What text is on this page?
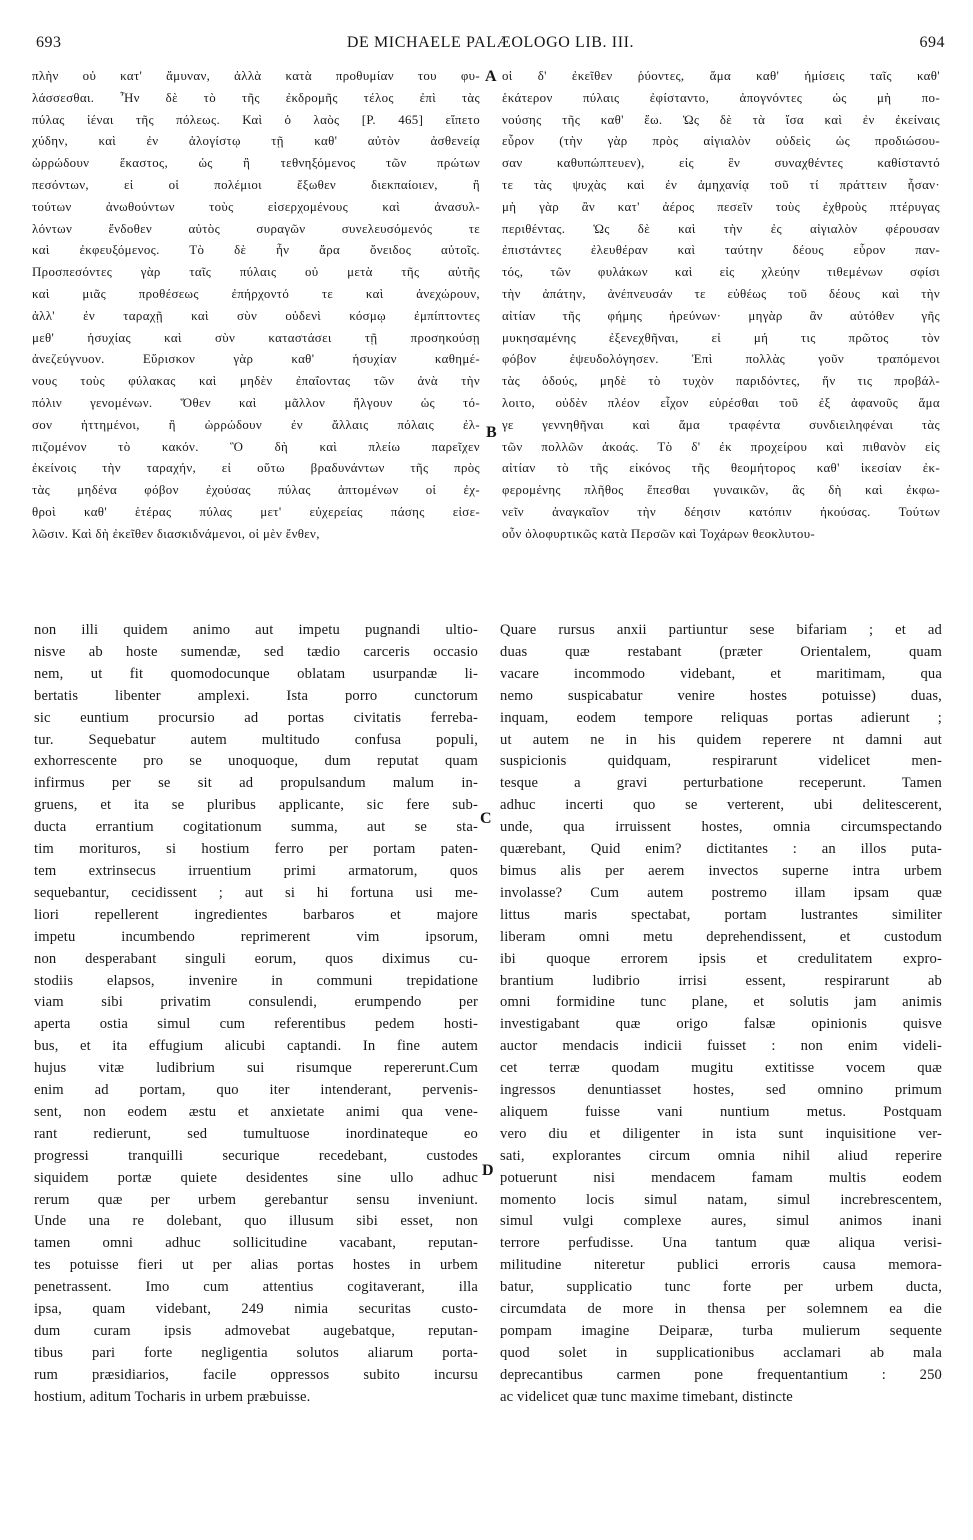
693	DE MICHAELE PALÆOLOGO LIB. III.	694
πλὴν οὐ κατ' ἄμυναν, ἀλλὰ κατὰ προθυμίαν του φυ-
λάσσεσθαι. Ἦν δὲ τὸ τῆς ἐκδρομῆς τέλος ἐπὶ τὰς
πύλας ἰέναι τῆς πόλεως. Καὶ ὁ λαὸς [P. 465] εἵπετο
χύδην, καὶ ἐν ἀλογίστῳ τῇ καθ' αὐτὸν ἀσθενείᾳ
ὠρρώδουν ἕκαστος, ὡς ἢ τεθνηξόμενος τῶν πρώτων
πεσόντων, εἰ οἱ πολέμιοι ἔξωθεν διεκπαίοιεν, ἢ
τούτων ἀνωθούντων τοὺς εἰσερχομένους καὶ ἀνασυλ-
λόντων ἔνδοθεν αὐτὸς συραγῶν συνελευσόμενός τε
καὶ ἐκφευξόμενος. Τὸ δὲ ἦν ἄρα ὄνειδος αὐτοῖς.
Προσπεσόντες γὰρ ταῖς πύλαις οὐ μετὰ τῆς αὐτῆς
καὶ μιᾶς προθέσεως ἐπήρχοντό τε καὶ ἀνεχώρουν,
ἀλλ' ἐν ταραχῇ καὶ σὺν οὐδενὶ κόσμῳ ἐμπίπτοντες
μεθ' ἡσυχίας καὶ σὺν καταστάσει τῇ προσηκούσῃ
ἀνεζεύγνυον. Εὕρισκον γὰρ καθ' ἡσυχίαν καθημέ-
νους τοὺς φύλακας καὶ μηδὲν ἐπαΐοντας τῶν ἀνὰ τὴν
πόλιν γενομένων. Ὅθεν καὶ μᾶλλον ἤλγουν ὡς τό-
σον ἡττημένοι, ἢ ὠρρώδουν ἐν ἄλλαις πόλαις ἐλ-
πιζομένον τὸ κακόν. Ὃ δὴ καὶ πλείω παρεῖχεν
ἐκείνοις τὴν ταραχήν, εἰ οὕτω βραδυνάντων τῆς πρὸς
τὰς μηδένα φόβον ἐχούσας πύλας ἁπτομένων οἱ ἐχ-
θροὶ καθ' ἑτέρας πύλας μετ' εὐχερείας πάσης εἰσε-
λῶσιν. Καὶ δὴ ἐκεῖθεν διασκιδνάμενοι, οἱ μὲν ἔνθεν,
οἱ δ' ἐκεῖθεν ῥύοντες, ἅμα καθ' ἡμίσεις ταῖς καθ'
ἑκάτερον πύλαις ἐφίσταντο, ἀπογνόντες ὡς μὴ πο-
νούσης τῆς καθ' ἕω. Ὡς δὲ τὰ ἴσα καὶ ἐν ἐκείναις
εὗρον (τὴν γὰρ πρὸς αἰγιαλὸν οὐδεὶς ὡς προδιώσου-
σαν καθυπώπτευεν), εἰς ἓν συναχθέντες καθίσταντό
τε τὰς ψυχὰς καὶ ἐν ἀμηχανίᾳ τοῦ τί πράττειν ἦσαν·
μὴ γὰρ ἂν κατ' ἀέρος πεσεῖν τοὺς ἐχθροὺς πτέρυγας
περιθέντας. Ὡς δὲ καὶ τὴν ἐς αἰγιαλὸν φέρουσαν
ἐπιστάντες ἐλευθέραν καὶ ταύτην δέους εὗρον παν-
τός, τῶν φυλάκων καὶ εἰς χλεύην τιθεμένων σφίσι
τὴν ἀπάτην, ἀνέπνευσάν τε εὐθέως τοῦ δέους καὶ τὴν
αἰτίαν τῆς φήμης ἠρεύνων· μηγὰρ ἂν αὐτόθεν γῆς
μυκησαμένης ἐξενεχθῆναι, εἰ μή τις πρῶτος τὸν
φόβον ἐψευδολόγησεν. Ἐπὶ πολλὰς γοῦν τραπόμενοι
τὰς ὁδούς, μηδὲ τὸ τυχὸν παριδόντες, ἥν τις προβάλ-
λοιτο, οὐδὲν πλέον εἶχον εὑρέσθαι τοῦ ἐξ ἀφανοῦς ἅμα
γε γεννηθῆναι καὶ ἅμα τραφέντα συνδιειληφέναι τὰς
τῶν πολλῶν ἀκοάς. Τὸ δ' ἐκ προχείρου καὶ πιθανὸν εἰς
αἰτίαν τὸ τῆς εἰκόνος τῆς θεομήτορος καθ' ἱκεσίαν ἐκ-
φερομένης πλῆθος ἕπεσθαι γυναικῶν, ἃς δὴ καὶ ἐκφω-
νεῖν ἀναγκαῖον τὴν δέησιν κατόπιν ἠκούσας. Τούτων
οὖν ὀλοφυρτικῶς κατὰ Περσῶν καὶ Τοχάρων θεοκλυτου-
non illi quidem animo aut impetu pugnandi ultio-
nisve ab hoste sumendæ, sed tædio carceris occasio
nem, ut fit quomodocunque oblatam usurpandæ li-
bertatis libenter amplexi. Ista porro cunctorum
sic euntium procursio ad portas civitatis ferreba-
tur. Sequebatur autem multitudo confusa populi,
exhorrescente pro se unoquoque, dum reputat quam
infirmus per se sit ad propulsandum malum in-
gruens, et ita se pluribus applicante, sic fere sub-
ducta errantium cogitationum summa, aut se sta-
tim morituros, si hostium ferro per portam paten-
tem extrinsecus irruentium primi armatorum, quos
sequebantur, cecidissent ; aut si hi fortuna usi me-
liori repellerent ingredientes barbaros et majore
impetu incumbendo reprimerent vim ipsorum,
non desperabant singuli eorum, quos diximus cu-
stodiis elapsos, invenire in communi trepidatione
viam sibi privatim consulendi, erumpendo per
aperta ostia simul cum referentibus pedem hosti-
bus, et ita effugium alicubi captandi. In fine autem
hujus vitæ ludibrium sui risumque repererunt.Cum
enim ad portam, quo iter intenderant, pervenis-
sent, non eodem æstu et anxietate animi qua vene-
rant redierunt, sed tumultuose inordinateque eo
progressi tranquilli securique recedebant, custodes
siquidem portæ quiete desidentes sine ullo adhuc
rerum quæ per urbem gerebantur sensu inveniunt.
Unde una re dolebant, quo illusum sibi esset, non
tamen omni adhuc sollicitudine vacabant, reputan-
tes potuisse fieri ut per alias portas hostes in urbem
penetrassent. Imo cum attentius cogitaverant, illa
ipsa, quam videbant, 249 nimia securitas custo-
dum curam ipsis admovebat augebatque, reputan-
tibus pari forte negligentia solutos aliarum porta-
rum præsidiarios, facile oppressos subito incursu
hostium, aditum Tocharis in urbem præbuisse.
Quare rursus anxii partiuntur sese bifariam ; et ad
duas quæ restabant (præter Orientalem, quam
vacare incommodo videbant, et maritimam, qua
nemo suspicabatur venire hostes potuisse) duas,
inquam, eodem tempore reliquas portas adierunt ;
ut autem ne in his quidem reperere nt damni aut
suspicionis quidquam, respirarunt videlicet men-
tesque a gravi perturbatione receperunt. Tamen
adhuc incerti quo se verterent, ubi delitescerent,
unde, qua irruissent hostes, omnia circumspectando
quærebant, Quid enim? dictitantes : an illos puta-
bimus alis per aerem invectos superne intra urbem
involasse? Cum autem postremo illam ipsam quæ
littus maris spectabat, portam lustrantes similiter
liberam omni metu deprehendissent, et custodum
ibi quoque errorem ipsis et credulitatem expro-
brantium ludibrio irrisi essent, respirarunt ab
omni formidine tunc plane, et solutis jam animis
investigabant quæ origo falsæ opinionis quisve
auctor mendacis indicii fuisset : non enim videli-
cet terræ quodam mugitu extitisse vocem quæ
ingressos denuntiasset hostes, sed omnino primum
aliquem fuisse vani nuntium metus. Postquam
vero diu et diligenter in ista sunt inquisitione ver-
sati, explorantes circum omnia nihil aliud reperire
potuerunt nisi mendacem famam multis eodem
momento locis simul natam, simul increbrescentem,
simul vulgi complexe aures, simul animos inani
terrore perfudisse. Una tantum quæ aliqua verisi-
militudine niteretur publici erroris causa memora-
batur, supplicatio tunc forte per urbem ducta,
circumdata de more in thensa per solemnem ea die
pompam imagine Deiparæ, turba mulierum sequente
quod solet in supplicationibus acclamari ab mala
deprecantibus carmen pone frequentantium : 250
ac videlicet quæ tunc maxime timebant, distincte
A
B
C
D
